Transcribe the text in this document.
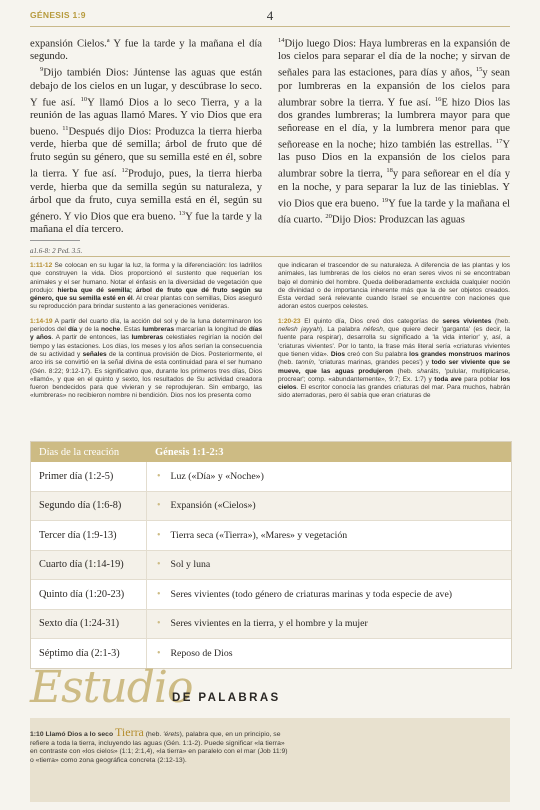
GÉNESIS 1:9	4

expansión Cielos.$^a$ Y fue la tarde y la mañana el día segundo.

$^9$Dijo también Dios: Júntense las aguas que están debajo de los cielos en un lugar, y descúbrase lo seco. Y fue así. $^{10}$Y llamó Dios a lo seco Tierra, y a la reunión de las aguas llamó Mares. Y vio Dios que era bueno. $^{11}$Después dijo Dios: Produzca la tierra hierba verde, hierba que dé semilla; árbol de fruto que dé fruto según su género, que su semilla esté en él, sobre la tierra. Y fue así. $^{12}$Produjo, pues, la tierra hierba verde, hierba que da semilla según su naturaleza, y árbol que da fruto, cuya semilla está en él, según su género. Y vio Dios que era bueno. $^{13}$Y fue la tarde y la mañana el día tercero.

$^{14}$Dijo luego Dios: Haya lumbreras en la expansión de los cielos para separar el día de la noche; y sirvan de señales para las estaciones, para días y años, $^{15}$y sean por lumbreras en la expansión de los cielos para alumbrar sobre la tierra. Y fue así. $^{16}$E hizo Dios las dos grandes lumbreras; la lumbrera mayor para que señorease en el día, y la lumbrera menor para que señorease en la noche; hizo también las estrellas. $^{17}$Y las puso Dios en la expansión de los cielos para alumbrar sobre la tierra, $^{18}$y para señorear en el día y en la noche, y para separar la luz de las tinieblas. Y vio Dios que era bueno. $^{19}$Y fue la tarde y la mañana el día cuarto. $^{20}$Dijo Dios: Produzcan las aguas

a1.6-8: 2 Ped. 3.5.

1:11-12 Se colocan en su lugar la luz, la forma y la diferenciación: los ladrillos que construyen la vida. Dios proporcionó el sustento que requerían los animales y el ser humano. Notar el énfasis en la diversidad de vegetación que produjo: hierba que dé semilla; árbol de fruto que dé fruto según su género, que su semilla esté en él. Al crear plantas con semillas, Dios aseguró su reproducción para brindar sustento a las generaciones venideras.

1:14-19 A partir del cuarto día, la acción del sol y de la luna determinaron los periodos del día y de la noche. Estas lumbreras marcarían la longitud de días y años. A partir de entonces, las lumbreras celestiales regirían la noción del tiempo y las estaciones. Los días, los meses y los años serían la consecuencia de su actividad y señales de la continua provisión de Dios. Posteriormente, el arco iris se convirtió en la señal divina de esta continuidad para el ser humano (Gén. 8:22; 9:12-17). Es significativo que, durante los primeros tres días, Dios «llamó», y que en el quinto y sexto, los resultados de Su actividad creadora fueron bendecidos para que vivieran y se reprodujeran. Sin embargo, las «lumbreras» no recibieron nombre ni bendición. Dios nos los presenta como

que indicaran el trascendor de su naturaleza. A diferencia de las plantas y los animales, las lumbreras de los cielos no eran seres vivos ni se encontraban bajo el dominio del hombre. Queda deliberadamente excluida cualquier noción de divinidad o de importancia inherente más que la de ser objetos creados. Esta verdad será relevante cuando Israel se encuentre con naciones que adoran estos cuerpos celestes.

1:20-23 El quinto día, Dios creó dos categorías de seres vivientes (heb. nefesh jayyah). La palabra néfesh, que quiere decir 'garganta' (es decir, la fuente para respirar), desarrolla su significado a 'la vida interior' y, así, a 'criaturas vivientes'. Por lo tanto, la frase más literal sería «criaturas vivientes que tienen vida». Dios creó con Su palabra los grandes monstruos marinos (heb. tannín, 'criaturas marinas, grandes peces') y todo ser viviente que se mueve, que las aguas produjeron (heb. sharáts, 'pulular, multiplicarse, procrear'; comp. «abundantemente», 9:7; Ex. 1:7) y toda ave para poblar los cielos. El escritor conocía las grandes criaturas del mar. Para muchos, habrán sido aterradoras, pero él sabía que eran criaturas de

Días de la creación	Génesis 1:1-2:3
Primer día (1:2-5)	• Luz («Día» y «Noche»)
Segundo día (1:6-8)	• Expansión («Cielos»)
Tercer día (1:9-13)	• Tierra seca («Tierra»), «Mares» y vegetación
Cuarto día (1:14-19)	• Sol y luna
Quinto día (1:20-23)	• Seres vivientes (todo género de criaturas marinas y toda especie de ave)
Sexto día (1:24-31)	• Seres vivientes en la tierra, y el hombre y la mujer
Séptimo día (2:1-3)	• Reposo de Dios
Estudio
DE PALABRAS
1:10 Llamó Dios a lo seco Tierra (heb. 'érets), palabra que, en un principio, se refiere a toda la tierra, incluyendo las aguas (Gén. 1:1-2). Puede significar «la tierra» en contraste con «los cielos» (1:1; 2:1,4), «la tierra» en paralelo con el mar (Job 11:9) o «tierra» como zona geográfica concreta (2:12-13).
